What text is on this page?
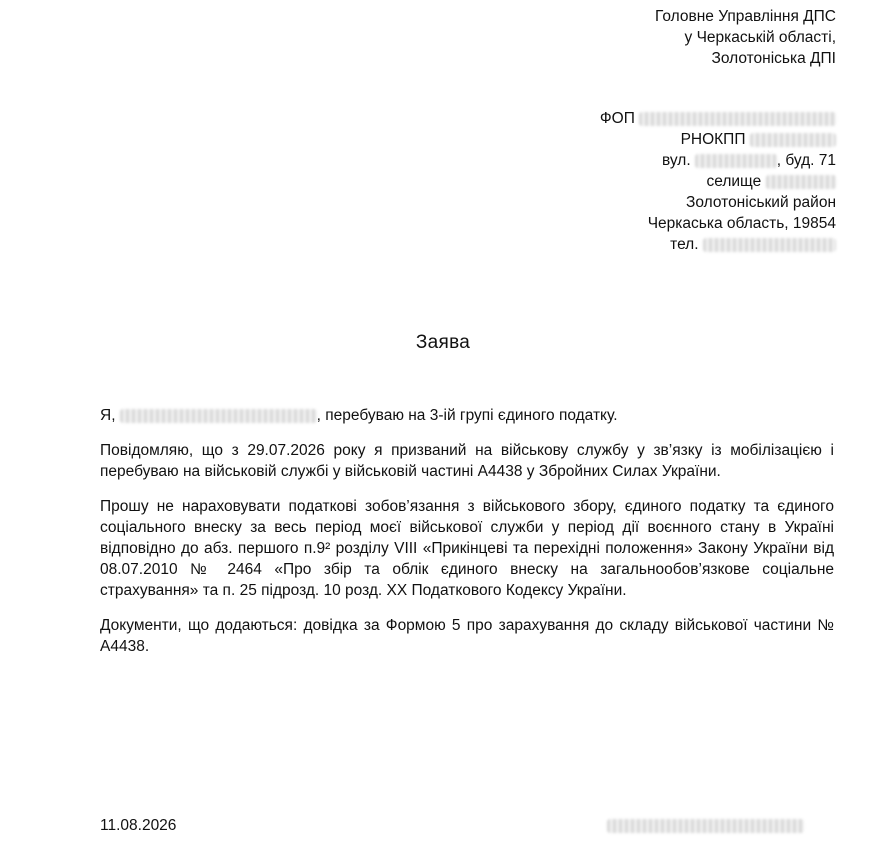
Головне Управління ДПС
у Черкаській області,
Золотоніська ДПІ
ФОП
РНОКПП
вул.	, буд. 71
селище
Золотоніський район
Черкаська область, 19854
тел.
Заява

Я,	, перебуваю на 3-ій групі єдиного податку.

Повідомляю, що з 29.07.2026 року я призваний на військову службу у зв’язку із мобілізацією і перебуваю на військовій службі у військовій частині А4438 у Збройних Силах України.

Прошу не нараховувати податкові зобов’язання з військового збору, єдиного податку та єдиного соціального внеску за весь період моєї військової служби у період дії воєнного стану в Україні відповідно до абз. першого п.9² розділу VIII «Прикінцеві та перехідні положення» Закону України від 08.07.2010 № 2464 «Про збір та облік єдиного внеску на загальнообов’язкове соціальне страхування» та п. 25 підрозд. 10 розд. XX Податкового Кодексу України.

Документи, що додаються: довідка за Формою 5 про зарахування до складу військової частини № А4438.

11.08.2026
